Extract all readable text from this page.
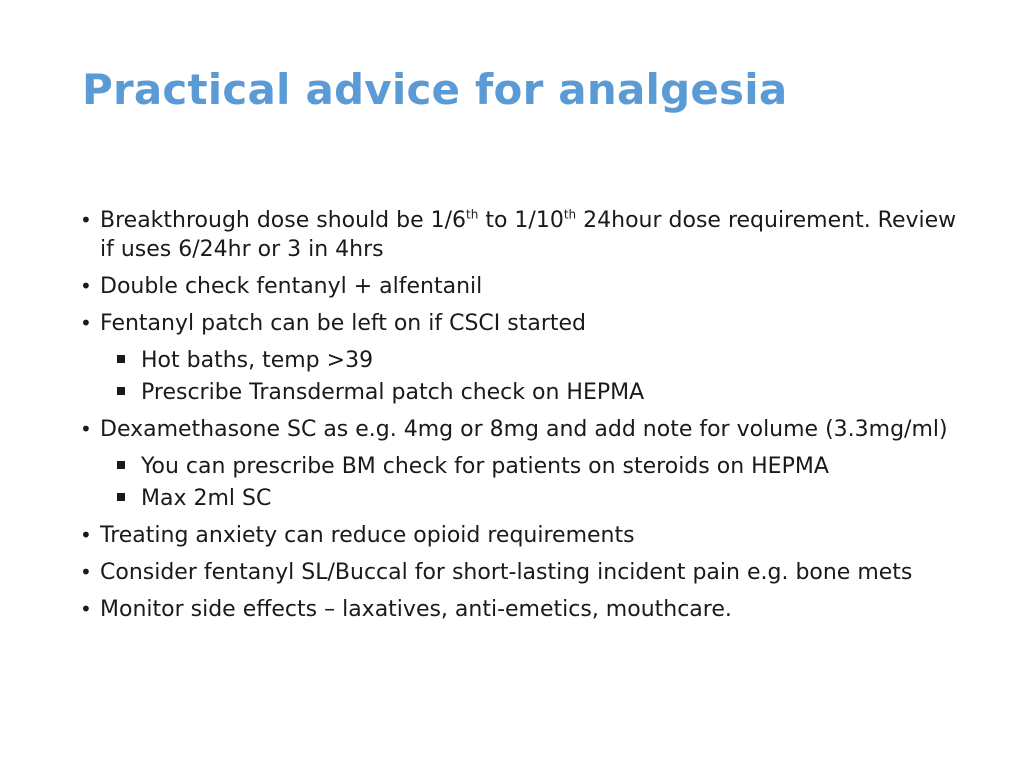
Practical advice for analgesia
• Breakthrough dose should be 1/6th to 1/10th 24hour dose requirement. Review if uses 6/24hr or 3 in 4hrs
• Double check fentanyl + alfentanil
• Fentanyl patch can be left on if CSCI started
Hot baths, temp >39
Prescribe Transdermal patch check on HEPMA
• Dexamethasone SC as e.g. 4mg or 8mg and add note for volume (3.3mg/ml)
You can prescribe BM check for patients on steroids on HEPMA
Max 2ml SC
• Treating anxiety can reduce opioid requirements
• Consider fentanyl SL/Buccal for short-lasting incident pain e.g. bone mets
• Monitor side effects – laxatives, anti-emetics, mouthcare.
